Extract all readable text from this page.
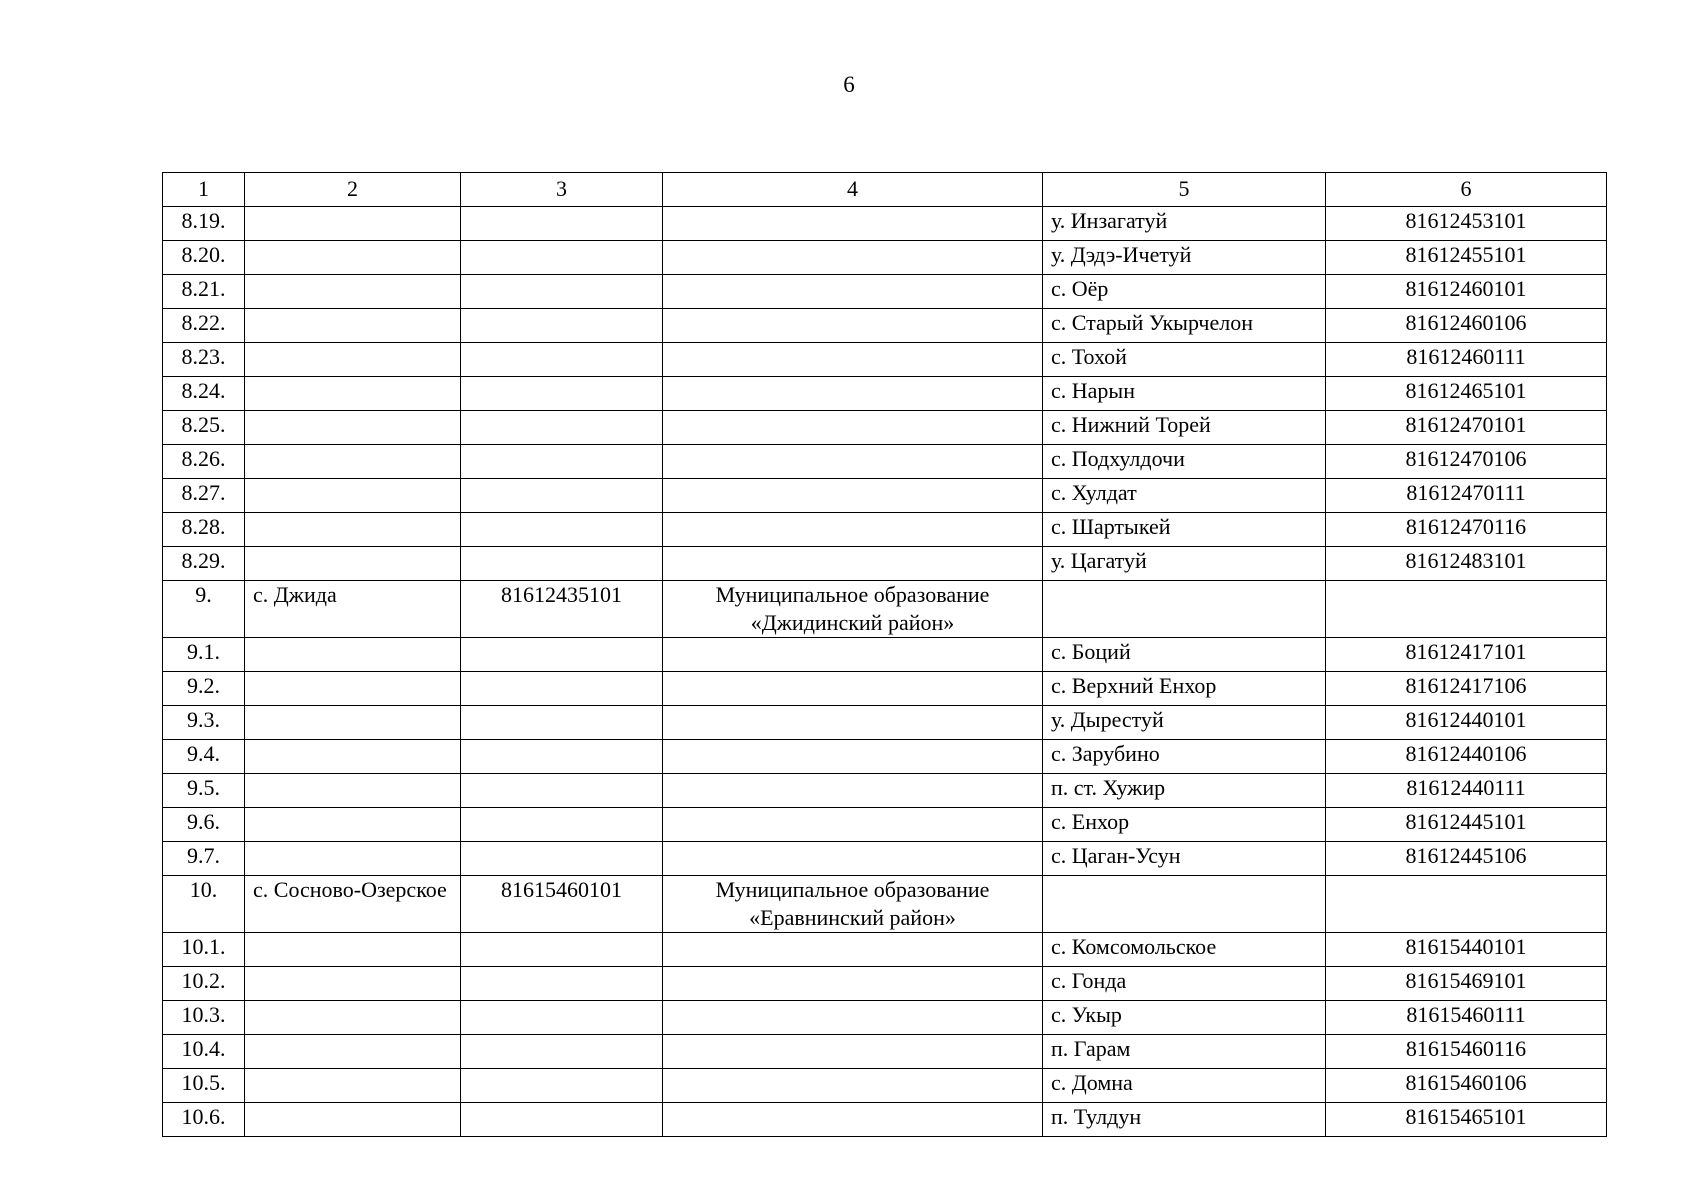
6
1	2	3	4	5	6
8.19.				у. Инзагатуй	81612453101
8.20.				у. Дэдэ-Ичетуй	81612455101
8.21.				с. Оёр	81612460101
8.22.				с. Старый Укырчелон	81612460106
8.23.				с. Тохой	81612460111
8.24.				с. Нарын	81612465101
8.25.				с. Нижний Торей	81612470101
8.26.				с. Подхулдочи	81612470106
8.27.				с. Хулдат	81612470111
8.28.				с. Шартыкей	81612470116
8.29.				у. Цагатуй	81612483101
9.	с. Джида	81612435101	Муниципальное образование
«Джидинский район»		

9.1.				с. Боций	81612417101
9.2.				с. Верхний Енхор	81612417106
9.3.				у. Дырестуй	81612440101
9.4.				с. Зарубино	81612440106
9.5.				п. ст. Хужир	81612440111
9.6.				с. Енхор	81612445101
9.7.				с. Цаган-Усун	81612445106
10.	с. Сосново-Озерское	81615460101	Муниципальное образование
«Еравнинский район»		

10.1.				с. Комсомольское	81615440101
10.2.				с. Гонда	81615469101
10.3.				с. Укыр	81615460111
10.4.				п. Гарам	81615460116
10.5.				с. Домна	81615460106
10.6.				п. Тулдун	81615465101
